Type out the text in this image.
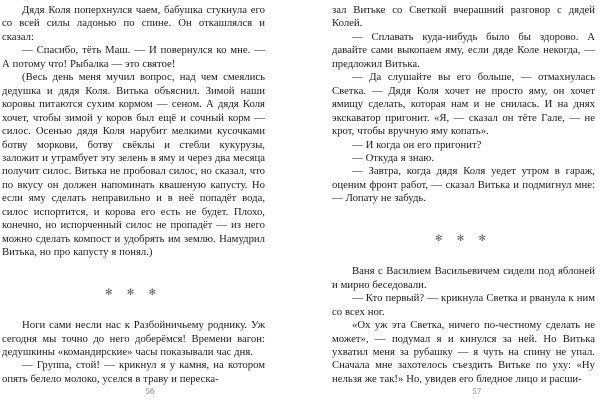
Дядя Коля поперхнулся чаем, бабушка стукнула его со всей силы ладонью по спине. Он откашлялся и сказал:

— Спасибо, тёть Маш. — И повернулся ко мне. — А потому что! Рыбалка — это святое!

(Весь день меня мучил вопрос, над чем смеялись дедушка и дядя Коля. Витька объяснил. Зимой наши коровы питаются сухим кормом — сеном. А дядя Коля хочет, чтобы зимой у коров был ещё и сочный корм — силос. Осенью дядя Коля нарубит мелкими кусочками ботву моркови, ботву свёклы и стебли кукурузы, заложит и утрамбует эту зелень в яму и через два месяца получит силос. Витька не пробовал силос, но сказал, что по вкусу он должен напоминать квашеную капусту. Но если яму сделать неправильно и в неё попадёт вода, силос испортится, и корова его есть не будет. Плохо, конечно, но испорченный силос не пропадёт — из него можно сделать компост и удобрять им землю. Намудрил Витька, но про капусту я понял.)

✻ ✻ ✻

Ноги сами несли нас к Разбойничьему роднику. Уж сегодня мы точно до него доберёмся! Времени вагон: дедушкины «командирские» часы показывали час дня.

— Группа, стой! — крикнул я у камня, на котором опять белело молоко, уселся в траву и переска-

56

зал Витьке со Светкой вчерашний разговор с дядей Колей.

— Сплавать куда-нибудь было бы здорово. А давайте сами выкопаем яму, если дяде Коле некогда, — предложил Витька.

— Да слушайте вы его больше, — отмахнулась Светка. — Дядя Коля хочет не просто яму, он хочет ямищу сделать, которая нам и не снилась. И на днях экскаватор пригонит. «Я, — сказал он тёте Гале, — не крот, чтобы вручную яму копать».

— И когда он его пригонит?

— Откуда я знаю.

— Завтра, когда дядя Коля уедет утром в гараж, оценим фронт работ, — сказал Витька и подмигнул мне: — Лопату не забудь.

✻ ✻ ✻

Ваня с Василием Васильевичем сидели под яблоней и мирно беседовали.

— Кто первый? — крикнула Светка и рванула к ним со всех ног.

«Ох уж эта Светка, ничего по-честному сделать не может», — подумал я и кинулся за ней. Но Витька ухватил меня за рубашку — я чуть на спину не упал. Сначала мне захотелось съездить Витьке по уху: «Ну нельзя же так!» Но, увидев его бледное лицо и расши-

57
